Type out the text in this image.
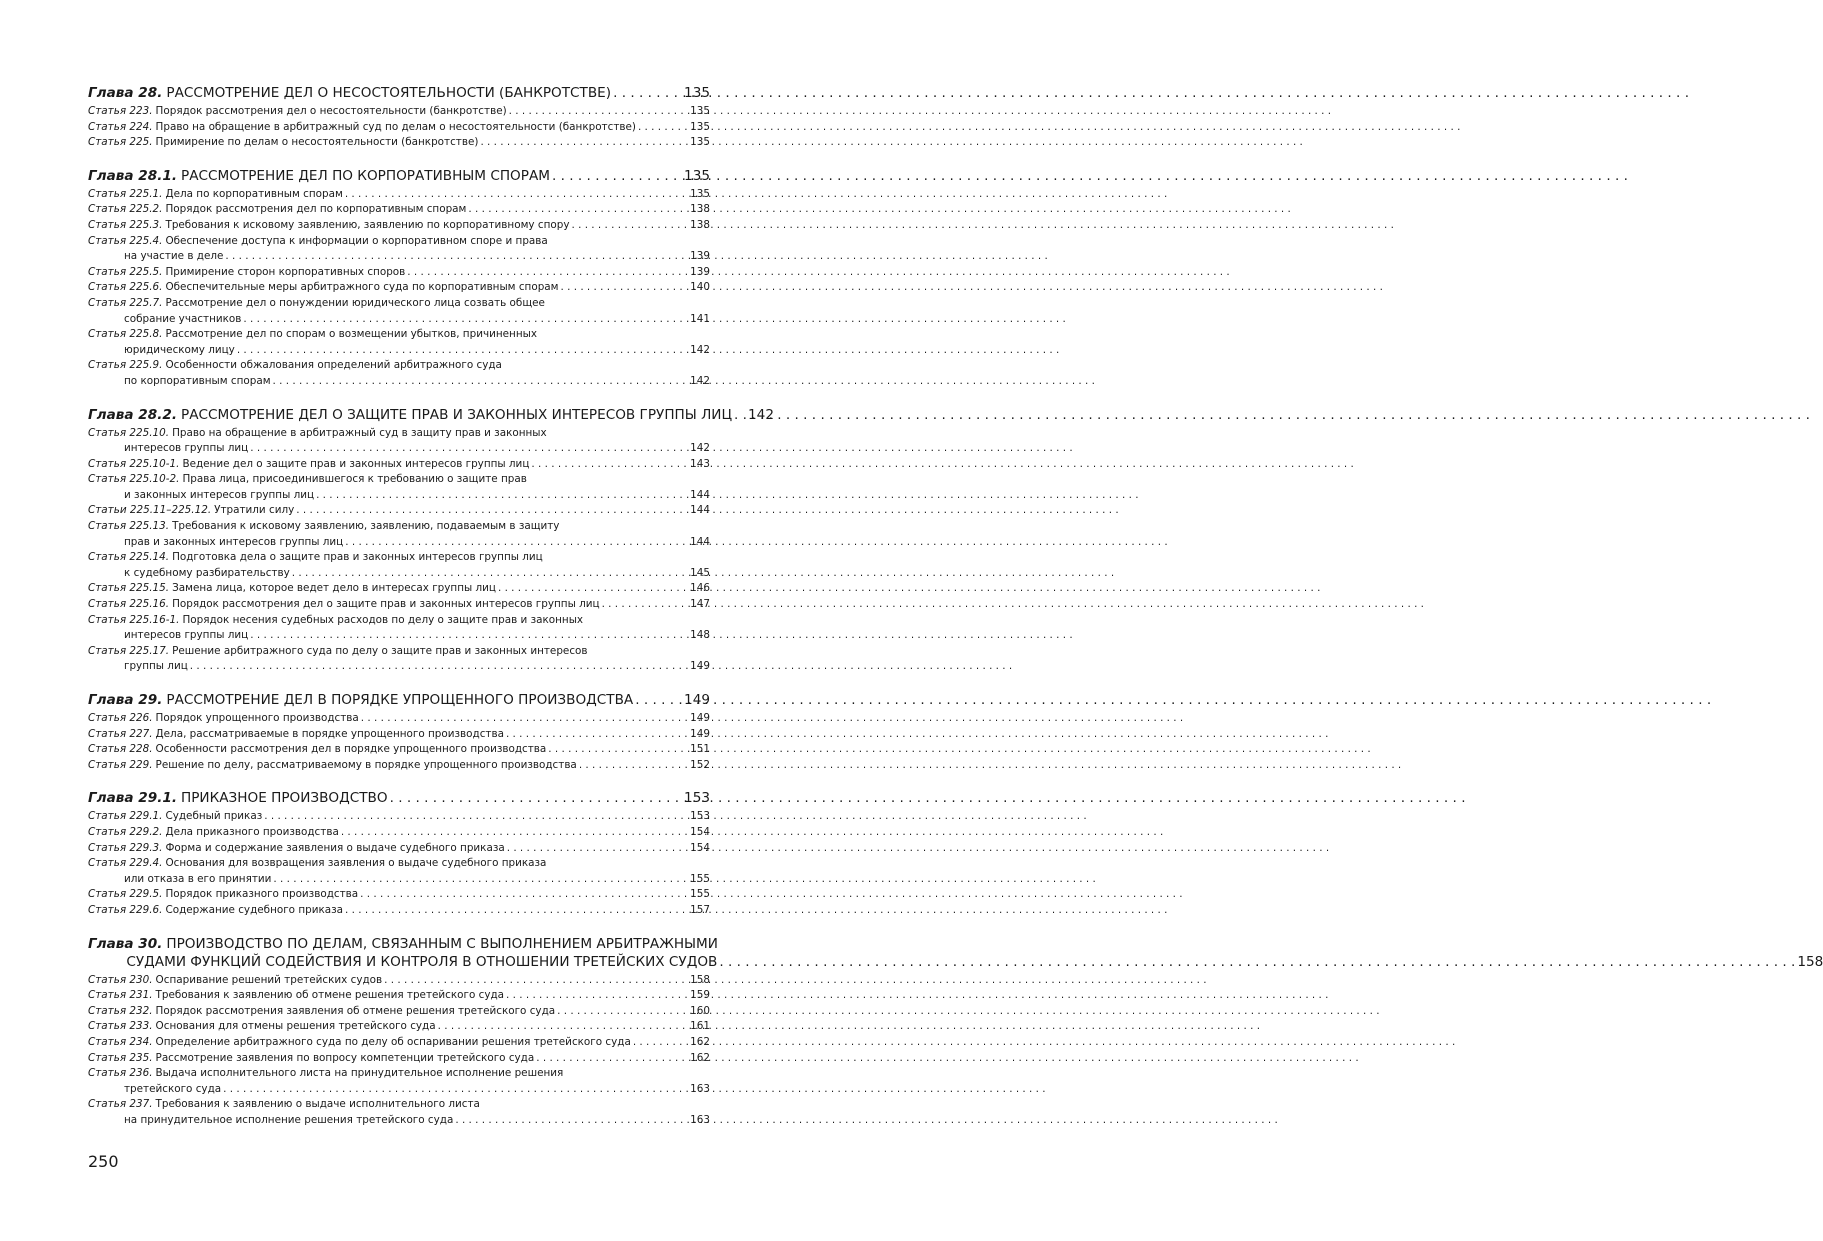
Глава 28. РАССМОТРЕНИЕ ДЕЛ О НЕСОСТОЯТЕЛЬНОСТИ (БАНКРОТСТВЕ) . . .	135
Статья 223. Порядок рассмотрения дел о несостоятельности (банкротстве) . . .	135
Статья 224. Право на обращение в арбитражный суд по делам о несостоятельности (банкротстве) . . .	135
Статья 225. Примирение по делам о несостоятельности (банкротстве) . . .	135
Глава 28.1. РАССМОТРЕНИЕ ДЕЛ ПО КОРПОРАТИВНЫМ СПОРАМ . . .	135
Статья 225.1. Дела по корпоративным спорам . . .	135
Статья 225.2. Порядок рассмотрения дел по корпоративным спорам . . .	138
Статья 225.3. Требования к исковому заявлению, заявлению по корпоративному спору . . .	138
Статья 225.4. Обеспечение доступа к информации о корпоративном споре и права
на участие в деле . . .	139
Статья 225.5. Примирение сторон корпоративных споров . . .	139
Статья 225.6. Обеспечительные меры арбитражного суда по корпоративным спорам . . .	140
Статья 225.7. Рассмотрение дел о понуждении юридического лица созвать общее
собрание участников . . .	141
Статья 225.8. Рассмотрение дел по спорам о возмещении убытков, причиненных
юридическому лицу . . .	142
Статья 225.9. Особенности обжалования определений арбитражного суда
по корпоративным спорам . . .	142
Глава 28.2. РАССМОТРЕНИЕ ДЕЛ О ЗАЩИТЕ ПРАВ И ЗАКОННЫХ ИНТЕРЕСОВ ГРУППЫ ЛИЦ . . . 142
Статья 225.10. Право на обращение в арбитражный суд в защиту прав и законных
интересов группы лиц . . .	142
Статья 225.10-1. Ведение дел о защите прав и законных интересов группы лиц . . .	143
Статья 225.10-2. Права лица, присоединившегося к требованию о защите прав
и законных интересов группы лиц . . .	144
Статьи 225.11–225.12. Утратили силу . . .	144
Статья 225.13. Требования к исковому заявлению, заявлению, подаваемым в защиту
прав и законных интересов группы лиц . . .	144
Статья 225.14. Подготовка дела о защите прав и законных интересов группы лиц
к судебному разбирательству . . .	145
Статья 225.15. Замена лица, которое ведет дело в интересах группы лиц . . .	146
Статья 225.16. Порядок рассмотрения дел о защите прав и законных интересов группы лиц . . .	147
Статья 225.16-1. Порядок несения судебных расходов по делу о защите прав и законных
интересов группы лиц . . .	148
Статья 225.17. Решение арбитражного суда по делу о защите прав и законных интересов
группы лиц . . .	149
Глава 29. РАССМОТРЕНИЕ ДЕЛ В ПОРЯДКЕ УПРОЩЕННОГО ПРОИЗВОДСТВА . . .	149
Статья 226. Порядок упрощенного производства . . .	149
Статья 227. Дела, рассматриваемые в порядке упрощенного производства . . .	149
Статья 228. Особенности рассмотрения дел в порядке упрощенного производства . . .	151
Статья 229. Решение по делу, рассматриваемому в порядке упрощенного производства . . .	152
Глава 29.1. ПРИКАЗНОЕ ПРОИЗВОДСТВО . . .	153
Статья 229.1. Судебный приказ . . .	153
Статья 229.2. Дела приказного производства . . .	154
Статья 229.3. Форма и содержание заявления о выдаче судебного приказа . . .	154
Статья 229.4. Основания для возвращения заявления о выдаче судебного приказа
или отказа в его принятии . . .	155
Статья 229.5. Порядок приказного производства . . .	155
Статья 229.6. Содержание судебного приказа . . .	157
Глава 30. ПРОИЗВОДСТВО ПО ДЕЛАМ, СВЯЗАННЫМ С ВЫПОЛНЕНИЕМ АРБИТРАЖНЫМИ
СУДАМИ ФУНКЦИЙ СОДЕЙСТВИЯ И КОНТРОЛЯ В ОТНОШЕНИИ ТРЕТЕЙСКИХ СУДОВ . . .	158
Статья 230. Оспаривание решений третейских судов . . .	158
Статья 231. Требования к заявлению об отмене решения третейского суда . . .	159
Статья 232. Порядок рассмотрения заявления об отмене решения третейского суда . . .	160
Статья 233. Основания для отмены решения третейского суда . . .	161
Статья 234. Определение арбитражного суда по делу об оспаривании решения третейского суда . . .	162
Статья 235. Рассмотрение заявления по вопросу компетенции третейского суда . . .	162
Статья 236. Выдача исполнительного листа на принудительное исполнение решения
третейского суда . . .	163
Статья 237. Требования к заявлению о выдаче исполнительного листа
на принудительное исполнение решения третейского суда . . .	163
250
